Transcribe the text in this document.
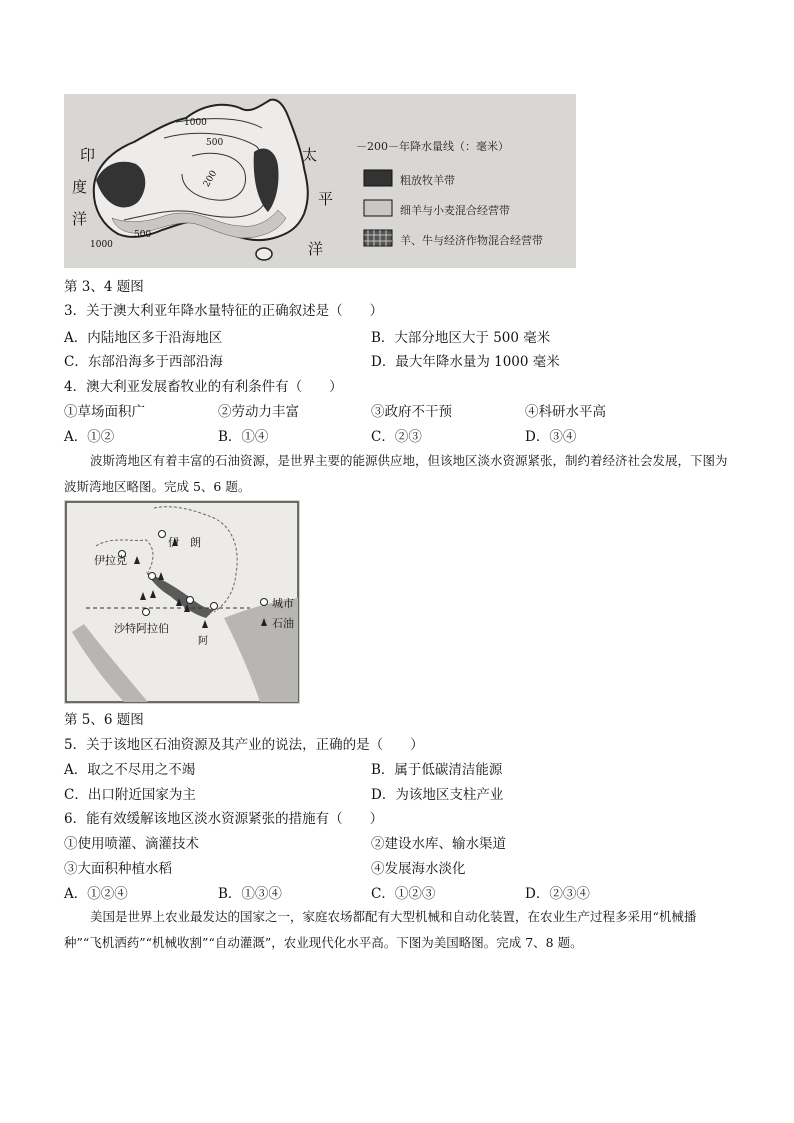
印
度
洋
太
平
洋
1000
500
200
1000
500
－200－年降水量线（：毫米）
粗放牧羊带
细羊与小麦混合经营带
羊、牛与经济作物混合经营带
第 3、4 题图
3．关于澳大利亚年降水量特征的正确叙述是（　　）
A．内陆地区多于沿海地区	B．大部分地区大于 500 毫米
C．东部沿海多于西部沿海	D．最大年降水量为 1000 毫米
4．澳大利亚发展畜牧业的有利条件有（　　）
①草场面积广	②劳动力丰富	③政府不干预	④科研水平高
A．①②	B．①④	C．②③	D．③④
波斯湾地区有着丰富的石油资源，是世界主要的能源供应地，但该地区淡水资源紧张，制约着经济社会发展，下图为波斯湾地区略图。完成 5、6 题。
伊　朗
伊拉克
沙特阿拉伯
阿
城市
石油
第 5、6 题图
5．关于该地区石油资源及其产业的说法，正确的是（　　）
A．取之不尽用之不竭	B．属于低碳清洁能源
C．出口附近国家为主	D．为该地区支柱产业
6．能有效缓解该地区淡水资源紧张的措施有（　　）
①使用喷灌、滴灌技术	②建设水库、输水渠道
③大面积种植水稻	④发展海水淡化
A．①②④	B．①③④	C．①②③	D．②③④
美国是世界上农业最发达的国家之一，家庭农场都配有大型机械和自动化装置，在农业生产过程多采用“机械播种”“飞机洒药”“机械收割”“自动灌溉”，农业现代化水平高。下图为美国略图。完成 7、8 题。
